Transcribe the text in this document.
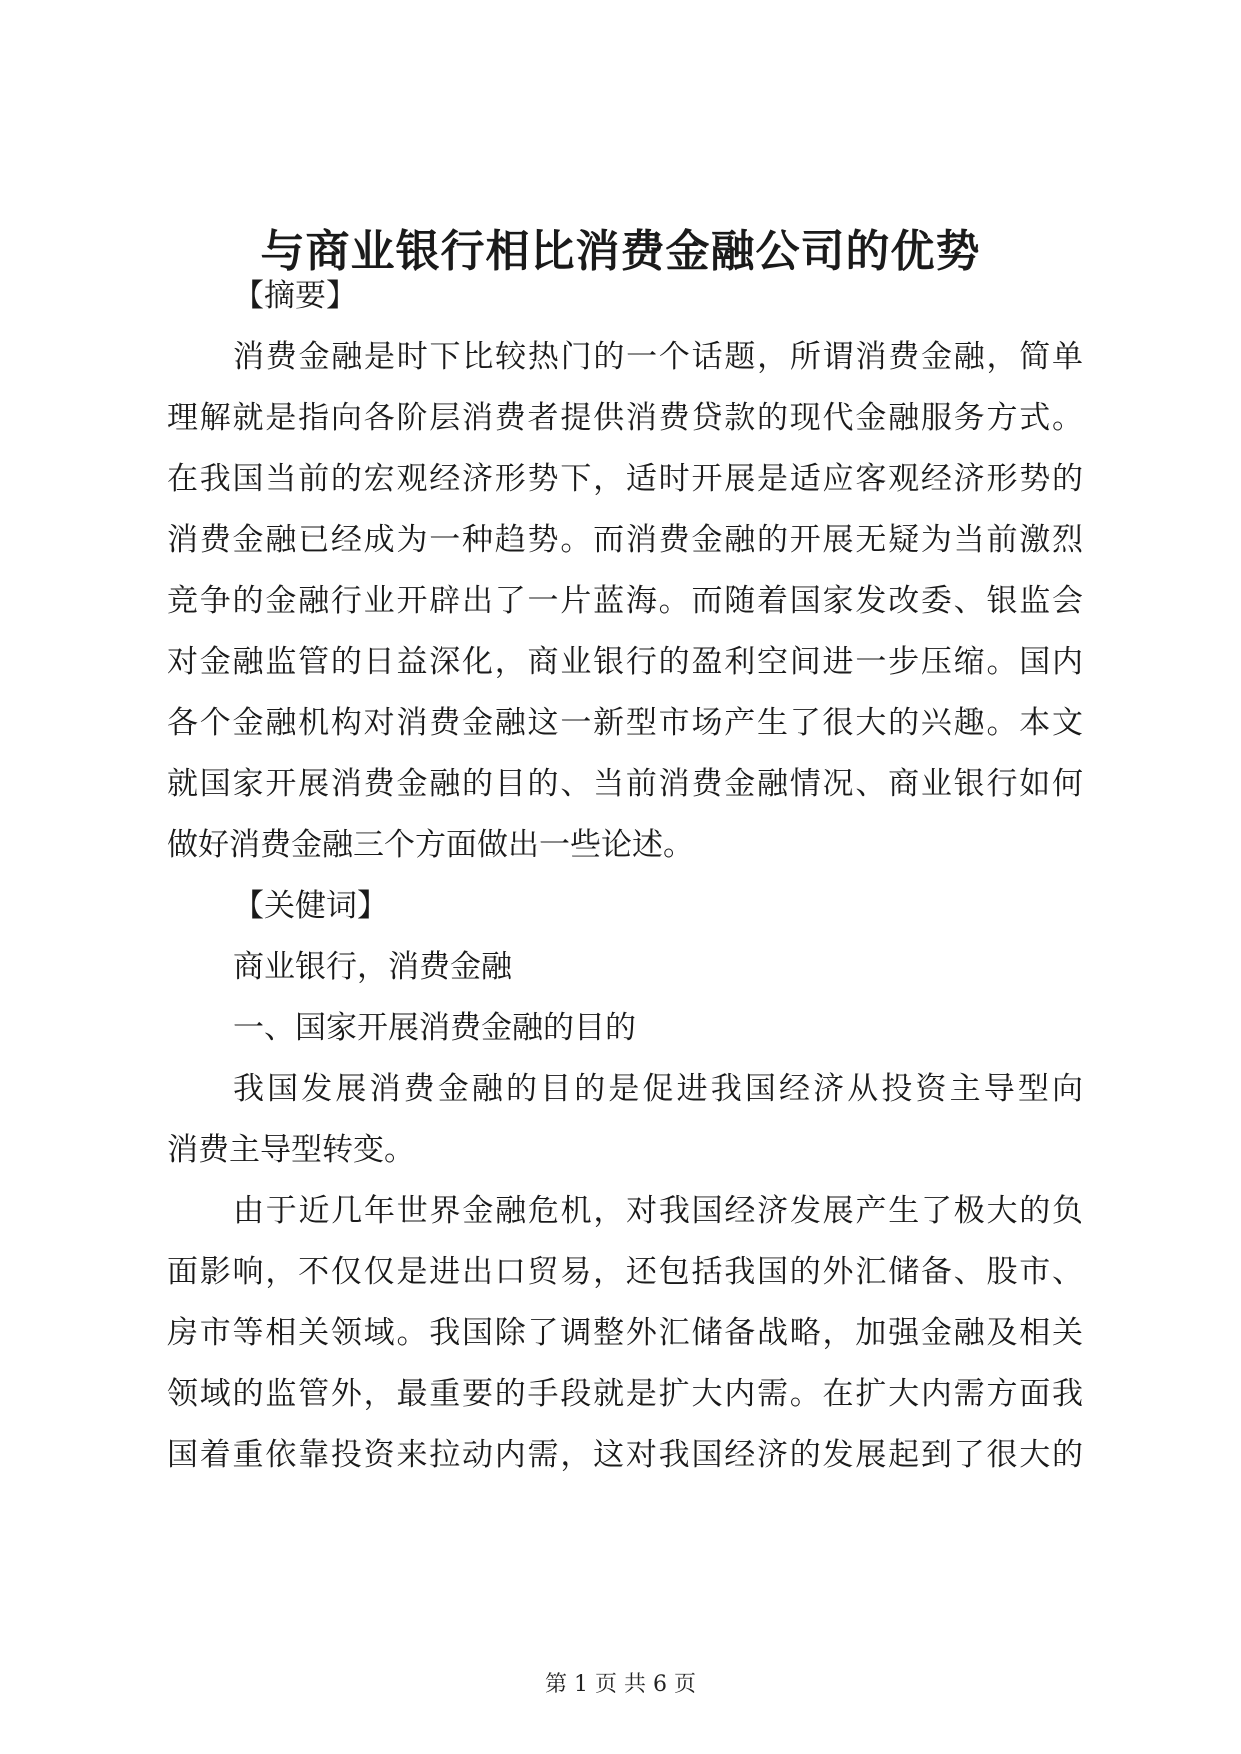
与商业银行相比消费金融公司的优势
【摘要】
消费金融是时下比较热门的一个话题，所谓消费金融，简单
理解就是指向各阶层消费者提供消费贷款的现代金融服务方式。
在我国当前的宏观经济形势下，适时开展是适应客观经济形势的
消费金融已经成为一种趋势。而消费金融的开展无疑为当前激烈
竞争的金融行业开辟出了一片蓝海。而随着国家发改委、银监会
对金融监管的日益深化，商业银行的盈利空间进一步压缩。国内
各个金融机构对消费金融这一新型市场产生了很大的兴趣。本文
就国家开展消费金融的目的、当前消费金融情况、商业银行如何
做好消费金融三个方面做出一些论述。
【关健词】
商业银行，消费金融
一、国家开展消费金融的目的
我国发展消费金融的目的是促进我国经济从投资主导型向
消费主导型转变。
由于近几年世界金融危机，对我国经济发展产生了极大的负
面影响，不仅仅是进出口贸易，还包括我国的外汇储备、股市、
房市等相关领域。我国除了调整外汇储备战略，加强金融及相关
领域的监管外，最重要的手段就是扩大内需。在扩大内需方面我
国着重依靠投资来拉动内需，这对我国经济的发展起到了很大的
第 1 页 共 6 页
